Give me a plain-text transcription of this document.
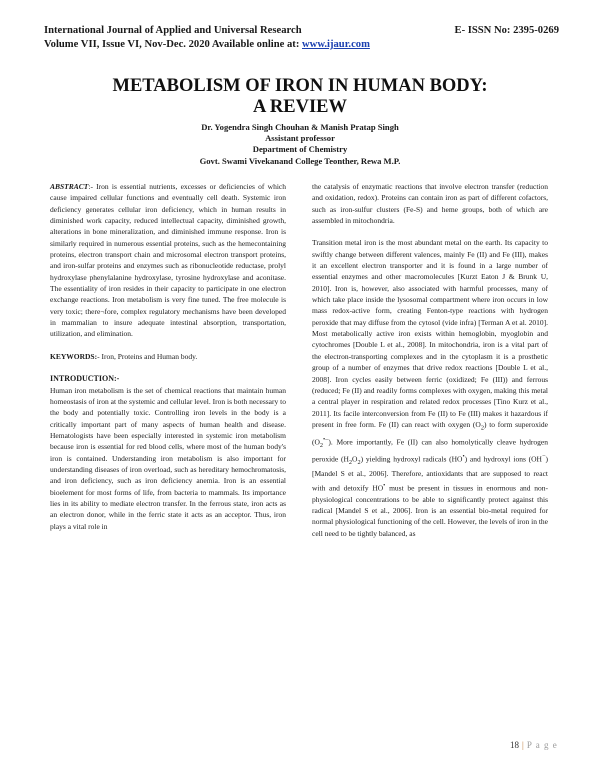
International Journal of Applied and Universal Research	E- ISSN No: 2395-0269
Volume VII, Issue VI, Nov-Dec. 2020 Available online at: www.ijaur.com
METABOLISM OF IRON IN HUMAN BODY:
A REVIEW
Dr. Yogendra Singh Chouhan & Manish Pratap Singh
Assistant professor
Department of Chemistry
Govt. Swami Vivekanand College Teonther, Rewa M.P.

ABSTRACT:- Iron is essential nutrients, excesses or deficiencies of which cause impaired cellular functions and eventually cell death. Systemic iron deficiency generates cellular iron deficiency, which in human results in diminished work capacity, reduced intellectual capacity, diminished growth, alterations in bone mineralization, and diminished immune response. Iron is similarly required in numerous essential proteins, such as the hemecontaining proteins, electron transport chain and microsomal electron transport proteins, and iron-sulfar proteins and enzymes such as ribonucleotide reductase, prolyl hydroxylase phenylalanine hydroxylase, tyrosine hydroxylase and aconitase. The essentiality of iron resides in their capacity to participate in one electron exchange reactions. Iron metabolism is very fine tuned. The free molecule is very toxic; there¬fore, complex regulatory mechanisms have been developed in mammalian to insure adequate intestinal absorption, transportation, utilization, and elimination.

KEYWORDS:- Iron, Proteins and Human body.

INTRODUCTION:-

Human iron metabolism is the set of chemical reactions that maintain human homeostasis of iron at the systemic and cellular level. Iron is both necessary to the body and potentially toxic. Controlling iron levels in the body is a critically important part of many aspects of human health and disease. Hematologists have been especially interested in systemic iron metabolism because iron is essential for red blood cells, where most of the human body's iron is contained. Understanding iron metabolism is also important for understanding diseases of iron overload, such as hereditary hemochromatosis, and iron deficiency, such as iron deficiency anemia. Iron is an essential bioelement for most forms of life, from bacteria to mammals. Its importance lies in its ability to mediate electron transfer. In the ferrous state, iron acts as an electron donor, while in the ferric state it acts as an acceptor. Thus, iron plays a vital role in

the catalysis of enzymatic reactions that involve electron transfer (reduction and oxidation, redox). Proteins can contain iron as part of different cofactors, such as iron-sulfur clusters (Fe-S) and heme groups, both of which are assembled in mitochondria.

Transition metal iron is the most abundant metal on the earth. Its capacity to swiftly change between different valences, mainly Fe (II) and Fe (III), makes it an excellent electron transporter and it is found in a large number of essential enzymes and other macromolecules [Kurzt Eaton J & Brunk U, 2010]. Iron is, however, also associated with harmful processes, many of which take place inside the lysosomal compartment where iron occurs in low mass redox-active form, creating Fenton-type reactions with hydrogen peroxide that may diffuse from the cytosol (vide infra) [Terman A et al. 2010]. Most metabolically active iron exists within hemoglobin, myoglobin and cytochromes [Double L et al., 2008]. In mitochondria, iron is a vital part of the electron-transporting complexes and in the cytoplasm it is a prosthetic group of a number of enzymes that drive redox reactions [Double L et al., 2008]. Iron cycles easily between ferric (oxidized; Fe (III)) and ferrous (reduced; Fe (II) and readily forms complexes with oxygen, making this metal a central player in respiration and related redox processes [Tino Kurz et al., 2011]. Its facile interconversion from Fe (II) to Fe (III) makes it hazardous if present in free form. Fe (II) can react with oxygen $(O_2)$ to form superoxide $(O_2^{•-})$. More importantly, Fe (II) can also homolytically cleave hydrogen peroxide $(H_2O_2)$ yielding hydroxyl radicals (HO•) and hydroxyl ions (OH−) [Mandel S et al., 2006]. Therefore, antioxidants that are supposed to react with and detoxify HO• must be present in tissues in enormous and non-physiological concentrations to be able to significantly protect against this radical [Mandel S et al., 2006]. Iron is an essential bio-metal required for normal physiological functioning of the cell. However, the levels of iron in the cell need to be tightly balanced, as

18 | P a g e
